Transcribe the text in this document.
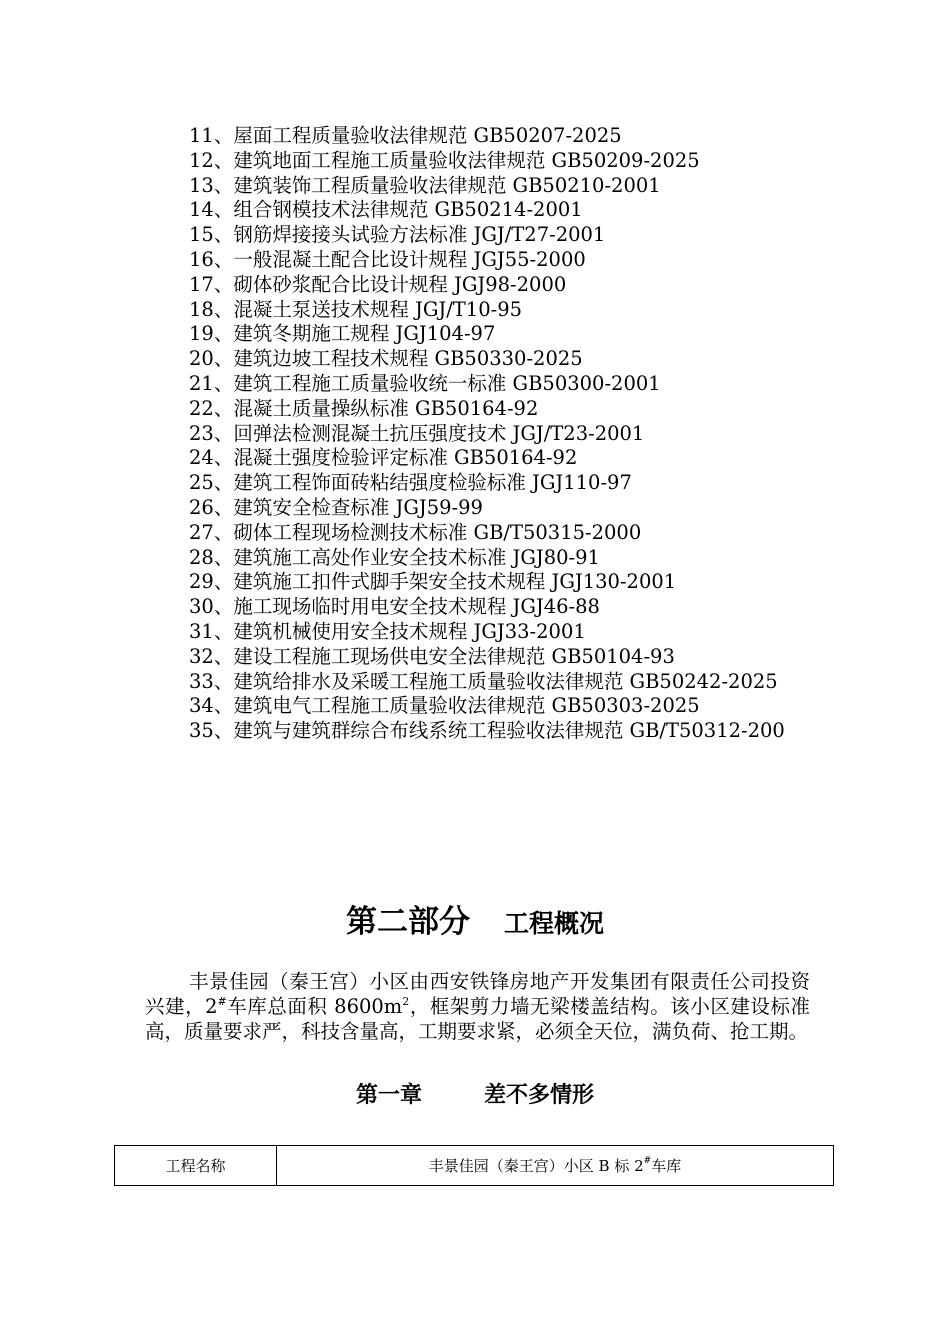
11、屋面工程质量验收法律规范 GB50207-2025
12、建筑地面工程施工质量验收法律规范 GB50209-2025
13、建筑装饰工程质量验收法律规范 GB50210-2001
14、组合钢模技术法律规范 GB50214-2001
15、钢筋焊接接头试验方法标准 JGJ/T27-2001
16、一般混凝土配合比设计规程 JGJ55-2000
17、砌体砂浆配合比设计规程 JGJ98-2000
18、混凝土泵送技术规程 JGJ/T10-95
19、建筑冬期施工规程 JGJ104-97
20、建筑边坡工程技术规程 GB50330-2025
21、建筑工程施工质量验收统一标准 GB50300-2001
22、混凝土质量操纵标准 GB50164-92
23、回弹法检测混凝土抗压强度技术 JGJ/T23-2001
24、混凝土强度检验评定标准 GB50164-92
25、建筑工程饰面砖粘结强度检验标准 JGJ110-97
26、建筑安全检查标准 JGJ59-99
27、砌体工程现场检测技术标准 GB/T50315-2000
28、建筑施工高处作业安全技术标准 JGJ80-91
29、建筑施工扣件式脚手架安全技术规程 JGJ130-2001
30、施工现场临时用电安全技术规程 JGJ46-88
31、建筑机械使用安全技术规程 JGJ33-2001
32、建设工程施工现场供电安全法律规范 GB50104-93
33、建筑给排水及采暖工程施工质量验收法律规范 GB50242-2025
34、建筑电气工程施工质量验收法律规范 GB50303-2025
35、建筑与建筑群综合布线系统工程验收法律规范 GB/T50312-200
第二部分 工程概况

丰景佳园（秦王宫）小区由西安铁锋房地产开发集团有限责任公司投资兴建，2#车库总面积 $8600m^2$，框架剪力墙无梁楼盖结构。该小区建设标准高，质量要求严，科技含量高，工期要求紧，必须全天位，满负荷、抢工期。

第一章	差不多情形
工程名称	丰景佳园（秦王宫）小区 B 标 2#车库
